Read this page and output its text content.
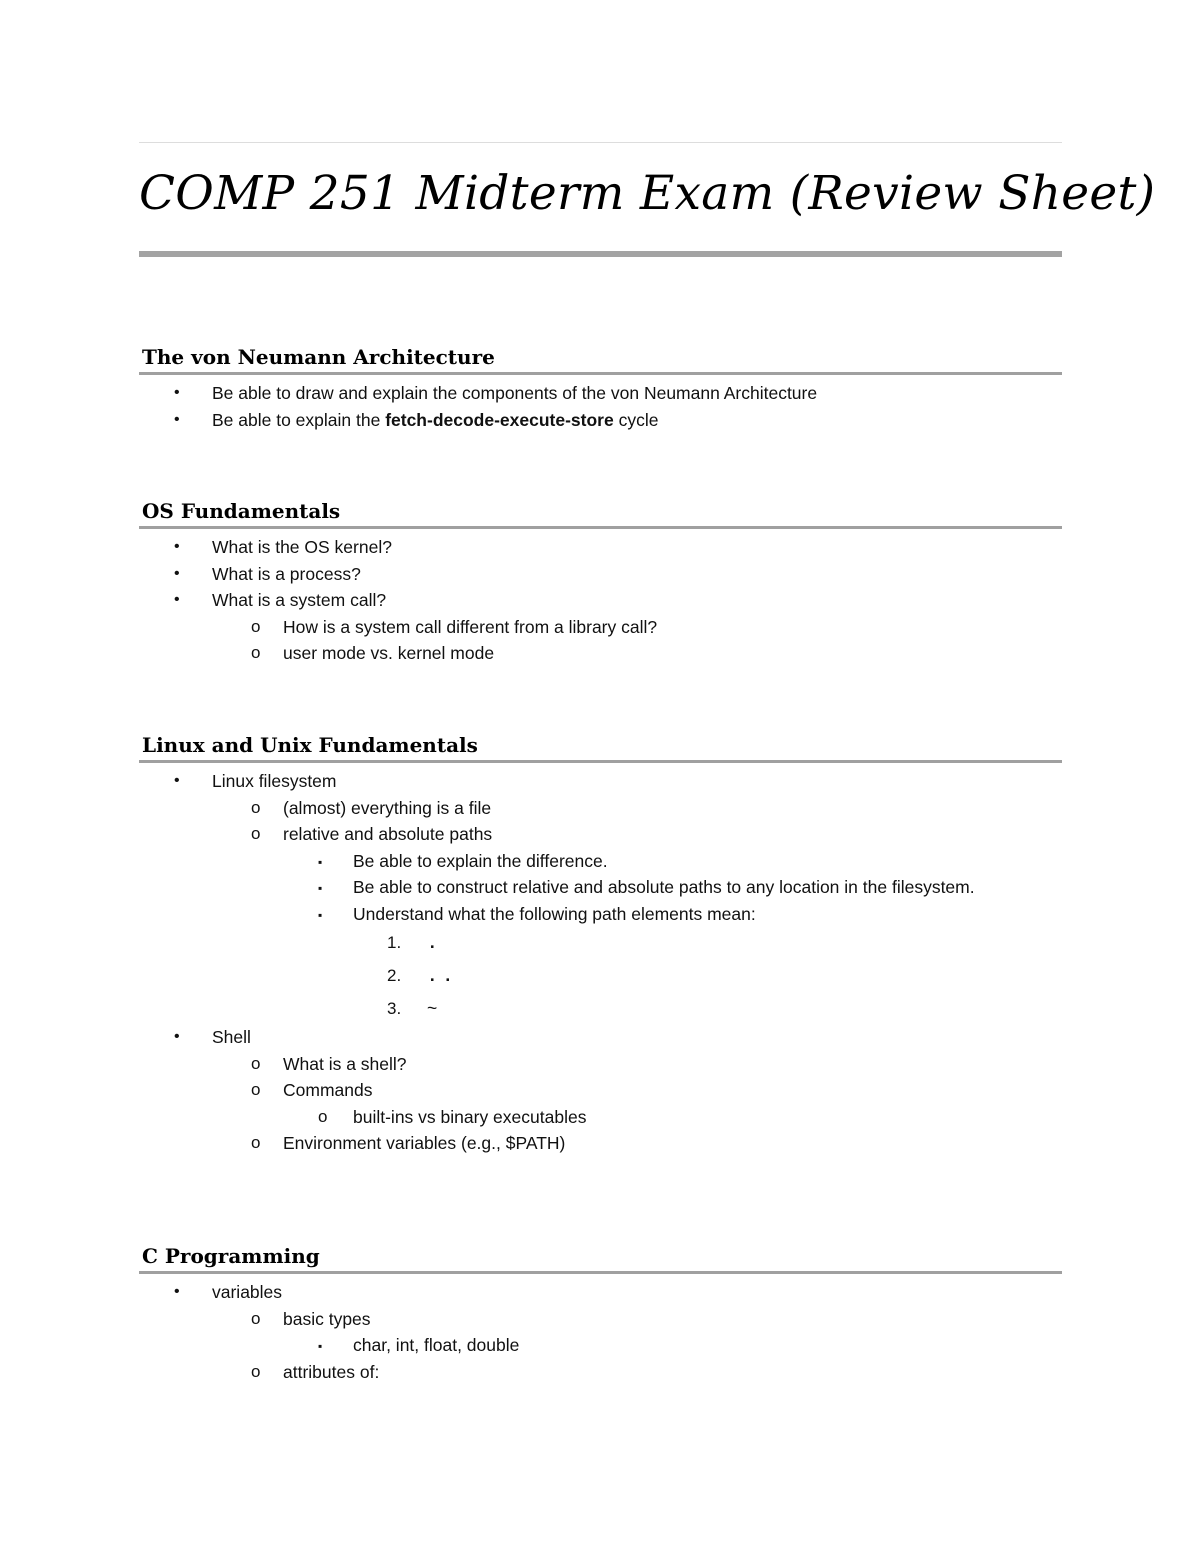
COMP 251 Midterm Exam (Review Sheet)
The von Neumann Architecture
• Be able to draw and explain the components of the von Neumann Architecture
• Be able to explain the fetch-decode-execute-store cycle
OS Fundamentals
• What is the OS kernel?
• What is a process?
• What is a system call?
o How is a system call different from a library call?
o user mode vs. kernel mode
Linux and Unix Fundamentals
• Linux filesystem
o (almost) everything is a file
o relative and absolute paths
▪ Be able to explain the difference.
▪ Be able to construct relative and absolute paths to any location in the filesystem.
▪ Understand what the following path elements mean:
1. .
2. ..
3. ~
• Shell
o What is a shell?
o Commands
o built-ins vs binary executables
o Environment variables (e.g., $PATH)
C Programming
• variables
o basic types
▪ char, int, float, double
o attributes of:
